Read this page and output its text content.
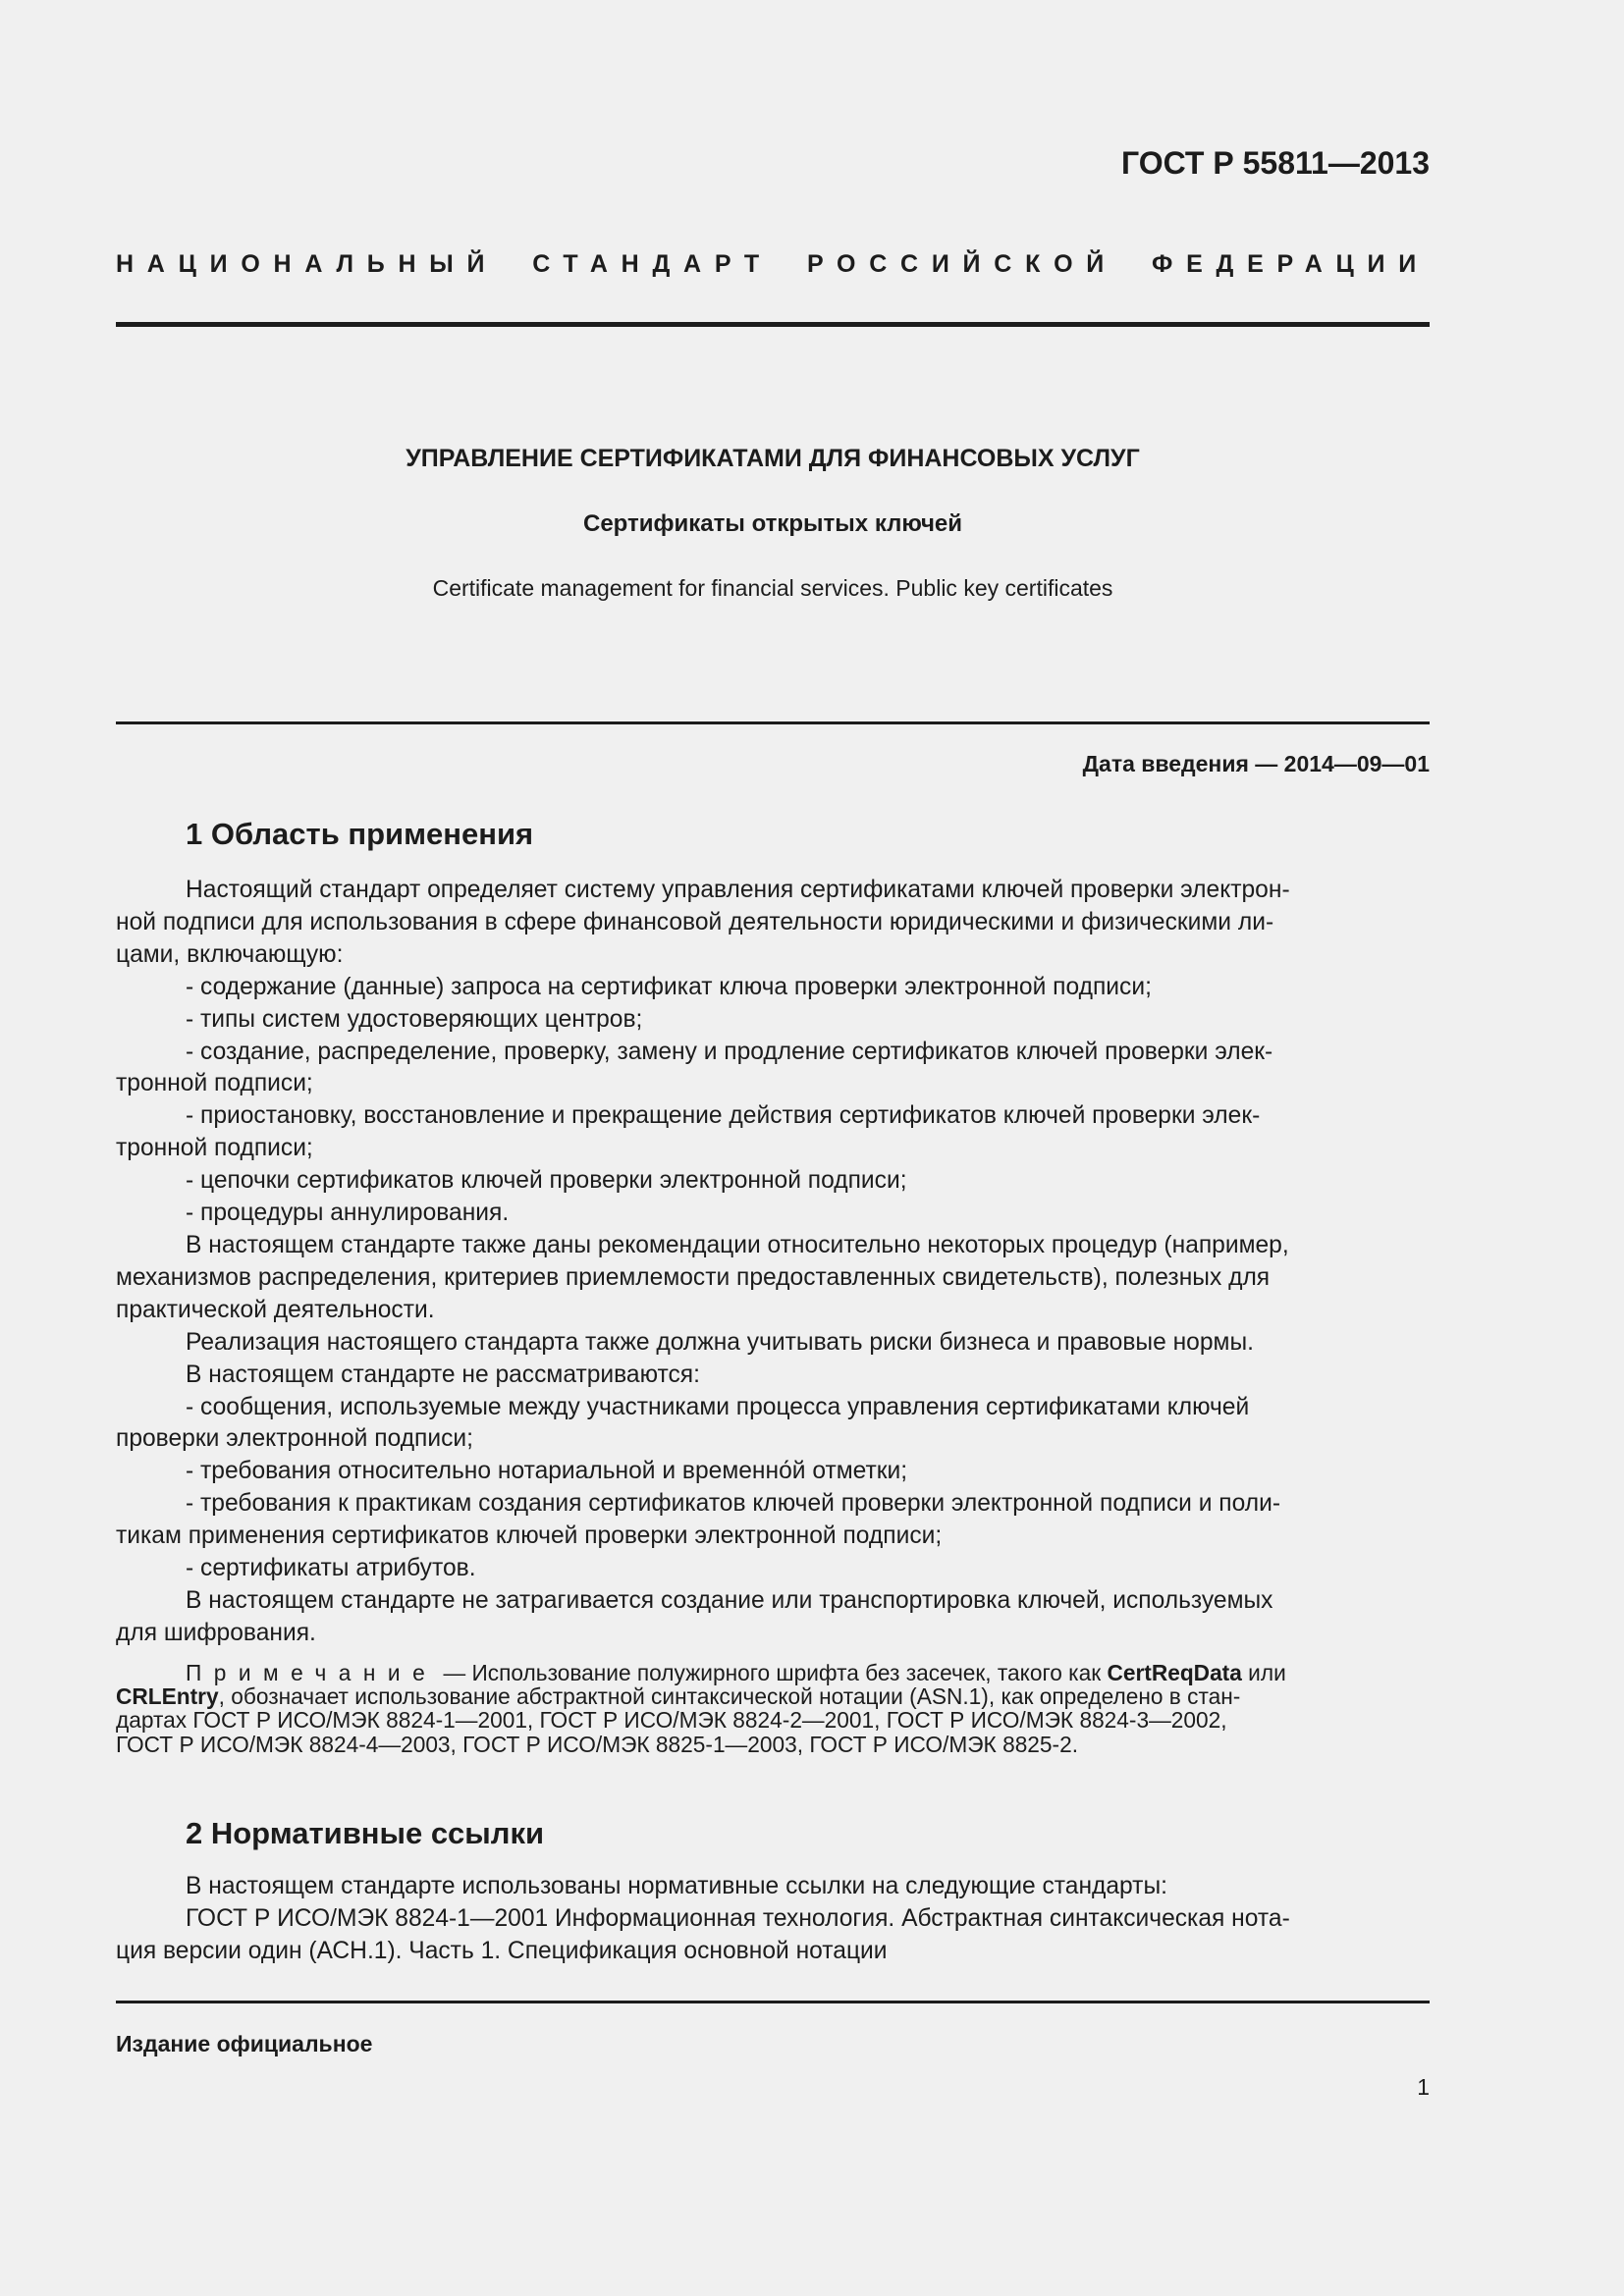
ГОСТ Р 55811—2013
НАЦИОНАЛЬНЫЙ СТАНДАРТ РОССИЙСКОЙ ФЕДЕРАЦИИ
УПРАВЛЕНИЕ СЕРТИФИКАТАМИ ДЛЯ ФИНАНСОВЫХ УСЛУГ
Сертификаты открытых ключей
Certificate management for financial services. Public key certificates
Дата введения — 2014—09—01
1 Область применения

Настоящий стандарт определяет систему управления сертификатами ключей проверки электрон-

ной подписи для использования в сфере финансовой деятельности юридическими и физическими ли-

цами, включающую:

- содержание (данные) запроса на сертификат ключа проверки электронной подписи;

- типы систем удостоверяющих центров;

- создание, распределение, проверку, замену и продление сертификатов ключей проверки элек-

тронной подписи;

- приостановку, восстановление и прекращение действия сертификатов ключей проверки элек-

тронной подписи;

- цепочки сертификатов ключей проверки электронной подписи;

- процедуры аннулирования.

В настоящем стандарте также даны рекомендации относительно некоторых процедур (например,

механизмов распределения, критериев приемлемости предоставленных свидетельств), полезных для

практической деятельности.

Реализация настоящего стандарта также должна учитывать риски бизнеса и правовые нормы.

В настоящем стандарте не рассматриваются:

- сообщения, используемые между участниками процесса управления сертификатами ключей

проверки электронной подписи;

- требования относительно нотариальной и временно́й отметки;

- требования к практикам создания сертификатов ключей проверки электронной подписи и поли-

тикам применения сертификатов ключей проверки электронной подписи;

- сертификаты атрибутов.

В настоящем стандарте не затрагивается создание или транспортировка ключей, используемых

для шифрования.

Примечание — Использование полужирного шрифта без засечек, такого как CertReqData или

CRLEntry, обозначает использование абстрактной синтаксической нотации (ASN.1), как определено в стан-

дартах ГОСТ Р ИСО/МЭК 8824-1—2001, ГОСТ Р ИСО/МЭК 8824-2—2001, ГОСТ Р ИСО/МЭК 8824-3—2002,

ГОСТ Р ИСО/МЭК 8824-4—2003, ГОСТ Р ИСО/МЭК 8825-1—2003, ГОСТ Р ИСО/МЭК 8825-2.

2 Нормативные ссылки

В настоящем стандарте использованы нормативные ссылки на следующие стандарты:

ГОСТ Р ИСО/МЭК 8824-1—2001 Информационная технология. Абстрактная синтаксическая нота-

ция версии один (АСН.1). Часть 1. Спецификация основной нотации

Издание официальное
1
